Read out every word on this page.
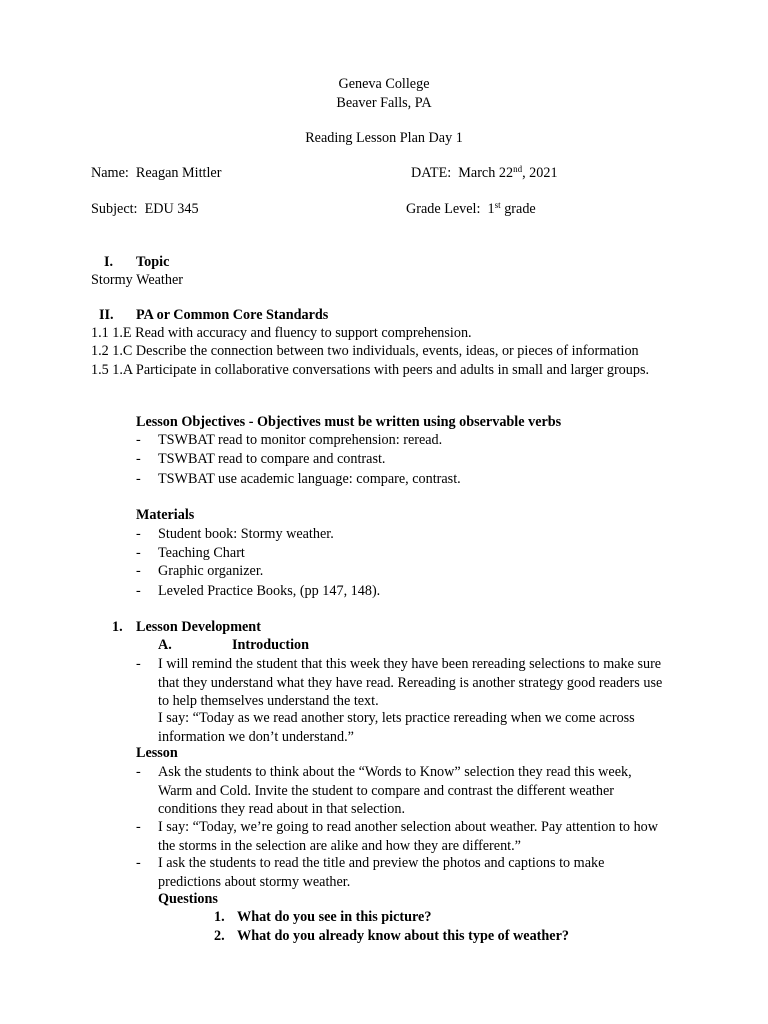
Geneva College
Beaver Falls, PA
Reading Lesson Plan Day 1
Name: Reagan Mittler	DATE: March 22nd, 2021
Subject: EDU 345	Grade Level: 1st grade
I. Topic
Stormy Weather
II. PA or Common Core Standards
1.1 1.E Read with accuracy and fluency to support comprehension.
1.2 1.C Describe the connection between two individuals, events, ideas, or pieces of information
1.5 1.A Participate in collaborative conversations with peers and adults in small and larger groups.
Lesson Objectives - Objectives must be written using observable verbs
- TSWBAT read to monitor comprehension: reread.
- TSWBAT read to compare and contrast.
- TSWBAT use academic language: compare, contrast.
Materials
- Student book: Stormy weather.
- Teaching Chart
- Graphic organizer.
- Leveled Practice Books, (pp 147, 148).
1. Lesson Development
A.	Introduction
- I will remind the student that this week they have been rereading selections to make sure that they understand what they have read. Rereading is another strategy good readers use to help themselves understand the text.
I say: “Today as we read another story, lets practice rereading when we come across information we don’t understand.”
Lesson
- Ask the students to think about the “Words to Know” selection they read this week, Warm and Cold. Invite the student to compare and contrast the different weather conditions they read about in that selection.
- I say: “Today, we’re going to read another selection about weather. Pay attention to how the storms in the selection are alike and how they are different.”
- I ask the students to read the title and preview the photos and captions to make predictions about stormy weather.
Questions
1. What do you see in this picture?
2. What do you already know about this type of weather?
